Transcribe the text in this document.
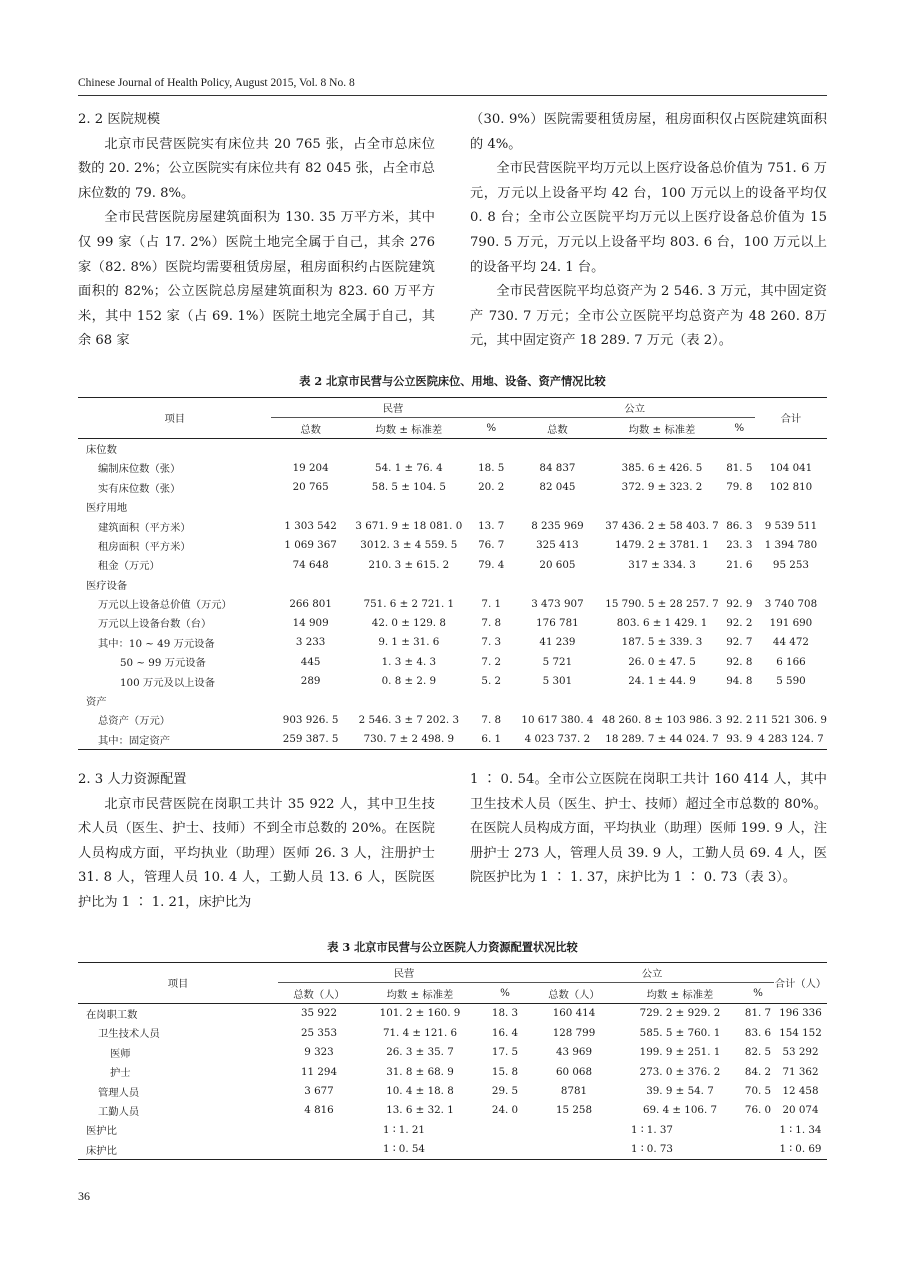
Chinese Journal of Health Policy, August 2015, Vol. 8 No. 8
2. 2 医院规模

北京市民营医院实有床位共 20 765 张，占全市总床位数的 20. 2%；公立医院实有床位共有 82 045 张，占全市总床位数的 79. 8%。

全市民营医院房屋建筑面积为 130. 35 万平方米，其中仅 99 家（占 17. 2%）医院土地完全属于自己，其余 276 家（82. 8%）医院均需要租赁房屋，租房面积约占医院建筑面积的 82%；公立医院总房屋建筑面积为 823. 60 万平方米，其中 152 家（占 69. 1%）医院土地完全属于自己，其余 68 家

（30. 9%）医院需要租赁房屋，租房面积仅占医院建筑面积的 4%。

全市民营医院平均万元以上医疗设备总价值为 751. 6 万元，万元以上设备平均 42 台，100 万元以上的设备平均仅 0. 8 台；全市公立医院平均万元以上医疗设备总价值为 15 790. 5 万元，万元以上设备平均 803. 6 台，100 万元以上的设备平均 24. 1 台。

全市民营医院平均总资产为 2 546. 3 万元，其中固定资产 730. 7 万元；全市公立医院平均总资产为 48 260. 8万元，其中固定资产 18 289. 7 万元（表 2）。

表 2 北京市民营与公立医院床位、用地、设备、资产情况比较
项目	民营			公立			合计
	总数	均数 ± 标准差	%	总数	均数 ± 标准差	%	
床位数							
编制床位数（张）	19 204	54. 1 ± 76. 4	18. 5	84 837	385. 6 ± 426. 5	81. 5	104 041
实有床位数（张）	20 765	58. 5 ± 104. 5	20. 2	82 045	372. 9 ± 323. 2	79. 8	102 810
医疗用地							
建筑面积（平方米）	1 303 542	3 671. 9 ± 18 081. 0	13. 7	8 235 969	37 436. 2 ± 58 403. 7	86. 3	9 539 511
租房面积（平方米）	1 069 367	3012. 3 ± 4 559. 5	76. 7	325 413	1479. 2 ± 3781. 1	23. 3	1 394 780
租金（万元）	74 648	210. 3 ± 615. 2	79. 4	20 605	317 ± 334. 3	21. 6	95 253
医疗设备							
万元以上设备总价值（万元）	266 801	751. 6 ± 2 721. 1	7. 1	3 473 907	15 790. 5 ± 28 257. 7	92. 9	3 740 708
万元以上设备台数（台）	14 909	42. 0 ± 129. 8	7. 8	176 781	803. 6 ± 1 429. 1	92. 2	191 690
其中：10 ~ 49 万元设备	3 233	9. 1 ± 31. 6	7. 3	41 239	187. 5 ± 339. 3	92. 7	44 472
50 ~ 99 万元设备	445	1. 3 ± 4. 3	7. 2	5 721	26. 0 ± 47. 5	92. 8	6 166
100 万元及以上设备	289	0. 8 ± 2. 9	5. 2	5 301	24. 1 ± 44. 9	94. 8	5 590
资产							
总资产（万元）	903 926. 5	2 546. 3 ± 7 202. 3	7. 8	10 617 380. 4	48 260. 8 ± 103 986. 3	92. 2	11 521 306. 9
其中：固定资产	259 387. 5	730. 7 ± 2 498. 9	6. 1	4 023 737. 2	18 289. 7 ± 44 024. 7	93. 9	4 283 124. 7
2. 3 人力资源配置

北京市民营医院在岗职工共计 35 922 人，其中卫生技术人员（医生、护士、技师）不到全市总数的 20%。在医院人员构成方面，平均执业（助理）医师 26. 3 人，注册护士 31. 8 人，管理人员 10. 4 人，工勤人员 13. 6 人，医院医护比为 1 ∶ 1. 21，床护比为

1 ∶ 0. 54。全市公立医院在岗职工共计 160 414 人，其中卫生技术人员（医生、护士、技师）超过全市总数的 80%。在医院人员构成方面，平均执业（助理）医师 199. 9 人，注册护士 273 人，管理人员 39. 9 人，工勤人员 69. 4 人，医院医护比为 1 ∶ 1. 37，床护比为 1 ∶ 0. 73（表 3）。

表 3 北京市民营与公立医院人力资源配置状况比较
项目	民营			公立			合计（人）
	总数（人）	均数 ± 标准差	%	总数（人）	均数 ± 标准差	%	
在岗职工数	35 922	101. 2 ± 160. 9	18. 3	160 414	729. 2 ± 929. 2	81. 7	196 336
卫生技术人员	25 353	71. 4 ± 121. 6	16. 4	128 799	585. 5 ± 760. 1	83. 6	154 152
医师	9 323	26. 3 ± 35. 7	17. 5	43 969	199. 9 ± 251. 1	82. 5	53 292
护士	11 294	31. 8 ± 68. 9	15. 8	60 068	273. 0 ± 376. 2	84. 2	71 362
管理人员	3 677	10. 4 ± 18. 8	29. 5	8781	39. 9 ± 54. 7	70. 5	12 458
工勤人员	4 816	13. 6 ± 32. 1	24. 0	15 258	69. 4 ± 106. 7	76. 0	20 074
医护比	1 ∶ 1. 21			1 ∶ 1. 37			1 ∶ 1. 34
床护比	1 ∶ 0. 54			1 ∶ 0. 73			1 ∶ 0. 69
36
